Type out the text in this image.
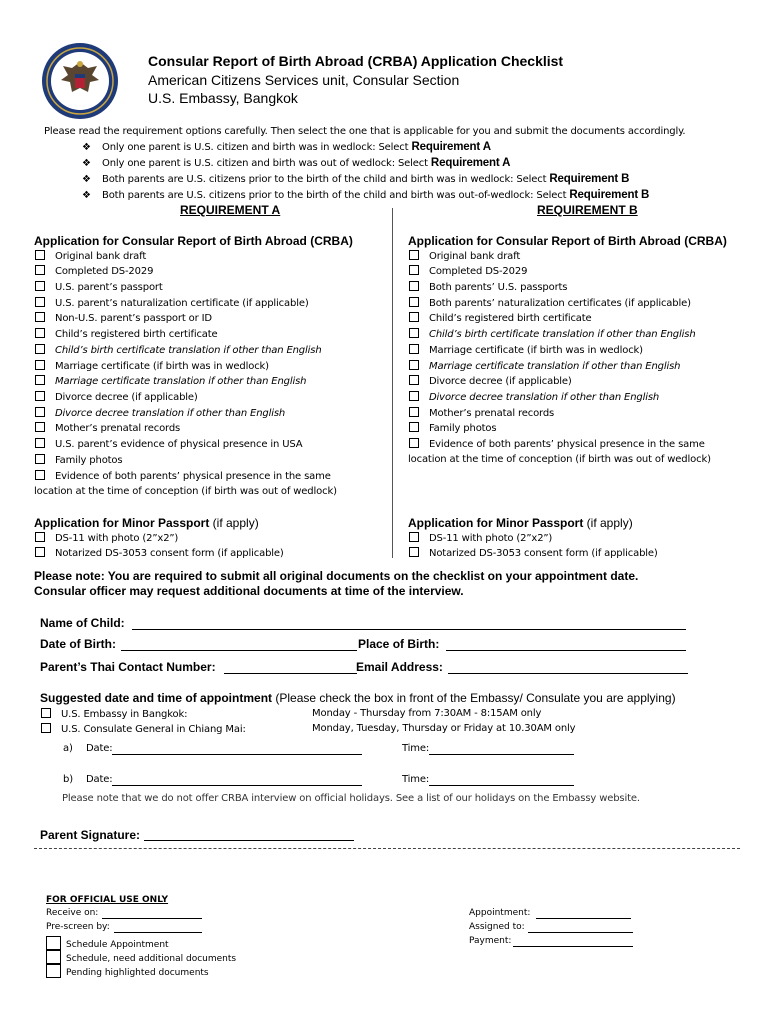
Consular Report of Birth Abroad (CRBA) Application Checklist
American Citizens Services unit, Consular Section
U.S. Embassy, Bangkok
Please read the requirement options carefully. Then select the one that is applicable for you and submit the documents accordingly.
❖ Only one parent is U.S. citizen and birth was in wedlock: Select Requirement A
❖ Only one parent is U.S. citizen and birth was out of wedlock: Select Requirement A
❖ Both parents are U.S. citizens prior to the birth of the child and birth was in wedlock: Select Requirement B
❖ Both parents are U.S. citizens prior to the birth of the child and birth was out-of-wedlock: Select Requirement B
REQUIREMENT A	REQUIREMENT B
Application for Consular Report of Birth Abroad (CRBA)
Original bank draft
Completed DS-2029
U.S. parent’s passport
U.S. parent’s naturalization certificate (if applicable)
Non-U.S. parent’s passport or ID
Child’s registered birth certificate
Child’s birth certificate translation if other than English
Marriage certificate (if birth was in wedlock)
Marriage certificate translation if other than English
Divorce decree (if applicable)
Divorce decree translation if other than English
Mother’s prenatal records
U.S. parent’s evidence of physical presence in USA
Family photos
Evidence of both parents’ physical presence in the same
location at the time of conception (if birth was out of wedlock)
Application for Minor Passport (if apply)
DS-11 with photo (2”x2”)
Notarized DS-3053 consent form (if applicable)
Application for Consular Report of Birth Abroad (CRBA)
Original bank draft
Completed DS-2029
Both parents’ U.S. passports
Both parents’ naturalization certificates (if applicable)
Child’s registered birth certificate
Child’s birth certificate translation if other than English
Marriage certificate (if birth was in wedlock)
Marriage certificate translation if other than English
Divorce decree (if applicable)
Divorce decree translation if other than English
Mother’s prenatal records
Family photos
Evidence of both parents’ physical presence in the same
location at the time of conception (if birth was out of wedlock)
Application for Minor Passport (if apply)
DS-11 with photo (2”x2”)
Notarized DS-3053 consent form (if applicable)
Please note: You are required to submit all original documents on the checklist on your appointment date.
Consular officer may request additional documents at time of the interview.
Name of Child:
Date of Birth:	Place of Birth:
Parent’s Thai Contact Number:	Email Address:
Suggested date and time of appointment (Please check the box in front of the Embassy/ Consulate you are applying)
U.S. Embassy in Bangkok:	Monday - Thursday from 7:30AM - 8:15AM only
U.S. Consulate General in Chiang Mai:	Monday, Tuesday, Thursday or Friday at 10.30AM only
a) Date:	Time:
b) Date:	Time:
Please note that we do not offer CRBA interview on official holidays. See a list of our holidays on the Embassy website.
Parent Signature:
FOR OFFICIAL USE ONLY
Receive on:
Pre-screen by:
Schedule Appointment
Schedule, need additional documents
Pending highlighted documents
Appointment:
Assigned to:
Payment:
